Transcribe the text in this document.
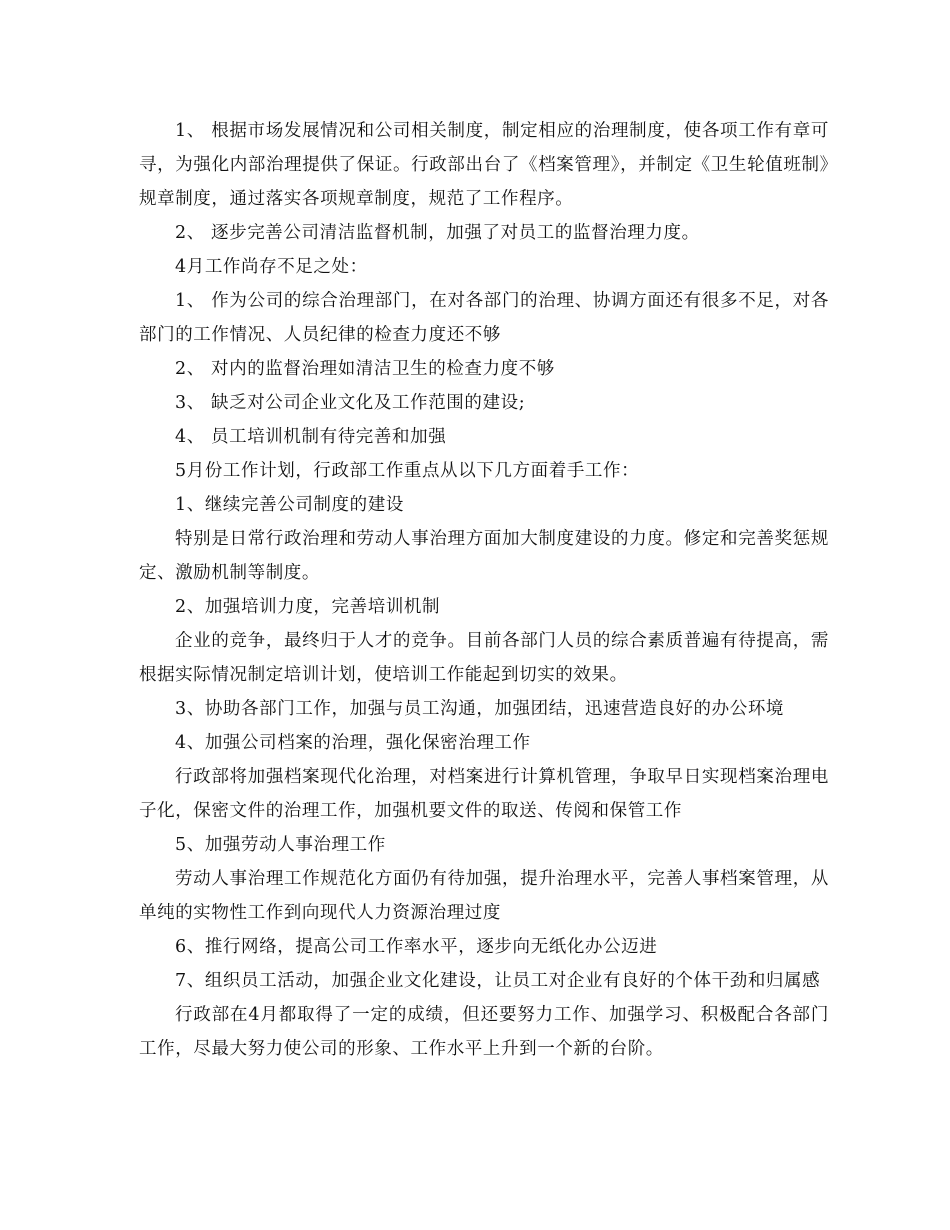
1、 根据市场发展情况和公司相关制度，制定相应的治理制度，使各项工作有章可寻，为强化内部治理提供了保证。行政部出台了《档案管理》，并制定《卫生轮值班制》规章制度，通过落实各项规章制度，规范了工作程序。

2、 逐步完善公司清洁监督机制，加强了对员工的监督治理力度。

4月工作尚存不足之处：

1、 作为公司的综合治理部门，在对各部门的治理、协调方面还有很多不足，对各部门的工作情况、人员纪律的检查力度还不够

2、 对内的监督治理如清洁卫生的检查力度不够

3、 缺乏对公司企业文化及工作范围的建设;

4、 员工培训机制有待完善和加强

5月份工作计划，行政部工作重点从以下几方面着手工作：

1、继续完善公司制度的建设

特别是日常行政治理和劳动人事治理方面加大制度建设的力度。修定和完善奖惩规定、激励机制等制度。

2、加强培训力度，完善培训机制

企业的竞争，最终归于人才的竞争。目前各部门人员的综合素质普遍有待提高，需根据实际情况制定培训计划，使培训工作能起到切实的效果。

3、协助各部门工作，加强与员工沟通，加强团结，迅速营造良好的办公环境

4、加强公司档案的治理，强化保密治理工作

行政部将加强档案现代化治理，对档案进行计算机管理，争取早日实现档案治理电子化，保密文件的治理工作，加强机要文件的取送、传阅和保管工作

5、加强劳动人事治理工作

劳动人事治理工作规范化方面仍有待加强，提升治理水平，完善人事档案管理，从单纯的实物性工作到向现代人力资源治理过度

6、推行网络，提高公司工作率水平，逐步向无纸化办公迈进

7、组织员工活动，加强企业文化建设，让员工对企业有良好的个体干劲和归属感

行政部在4月都取得了一定的成绩，但还要努力工作、加强学习、积极配合各部门工作，尽最大努力使公司的形象、工作水平上升到一个新的台阶。
